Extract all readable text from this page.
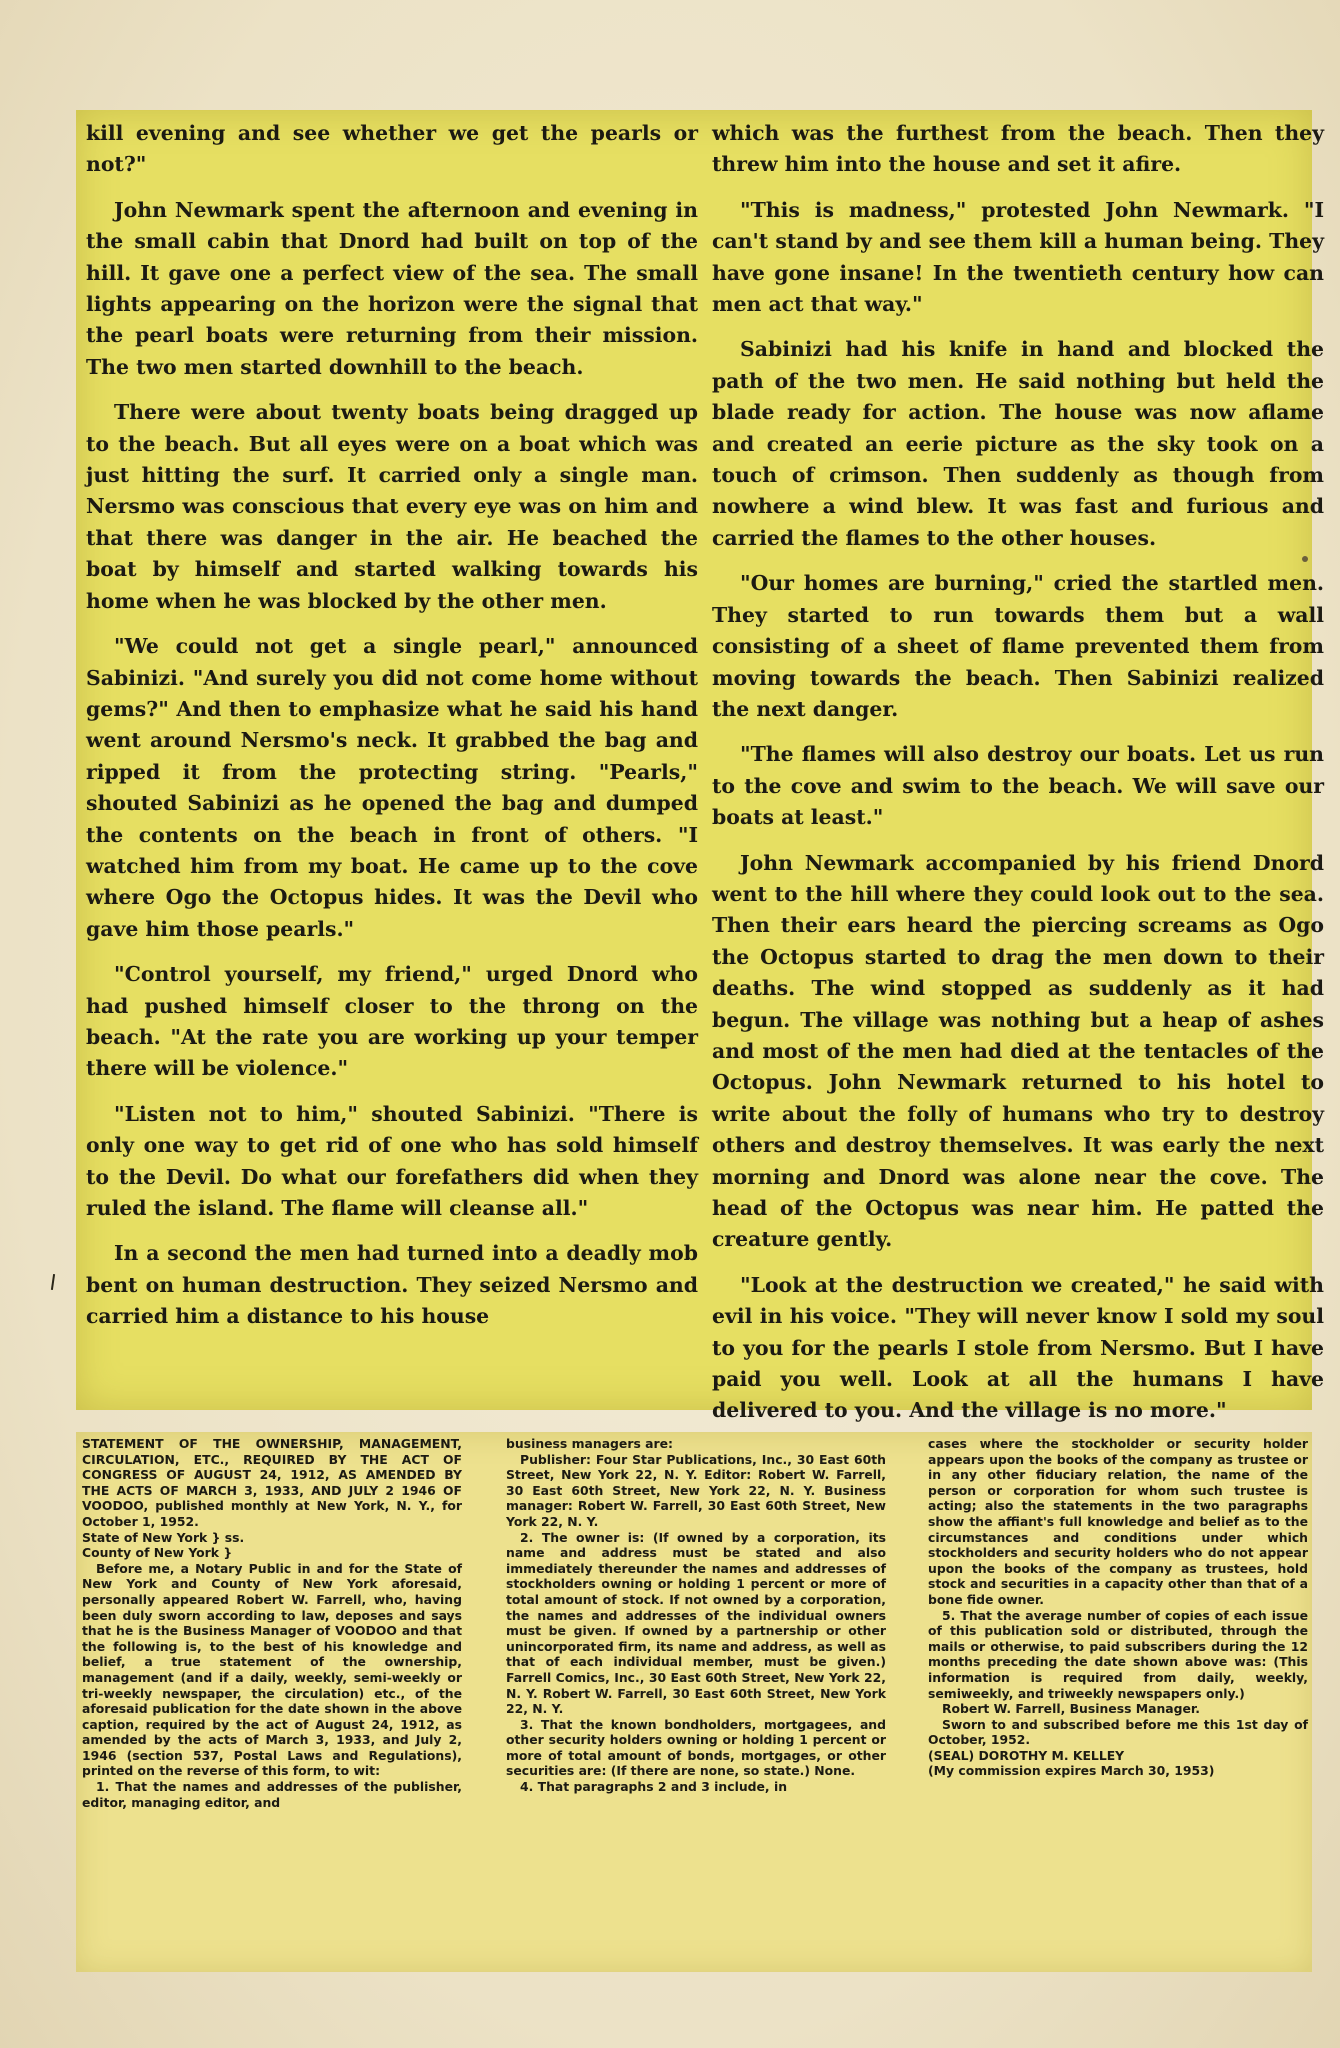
kill evening and see whether we get the pearls or not?"

John Newmark spent the afternoon and evening in the small cabin that Dnord had built on top of the hill. It gave one a perfect view of the sea. The small lights appearing on the horizon were the signal that the pearl boats were returning from their mission. The two men started downhill to the beach.

There were about twenty boats being dragged up to the beach. But all eyes were on a boat which was just hitting the surf. It carried only a single man. Nersmo was conscious that every eye was on him and that there was danger in the air. He beached the boat by himself and started walking towards his home when he was blocked by the other men.

"We could not get a single pearl," announced Sabinizi. "And surely you did not come home without gems?" And then to emphasize what he said his hand went around Nersmo's neck. It grabbed the bag and ripped it from the protecting string. "Pearls," shouted Sabinizi as he opened the bag and dumped the contents on the beach in front of others. "I watched him from my boat. He came up to the cove where Ogo the Octopus hides. It was the Devil who gave him those pearls."

"Control yourself, my friend," urged Dnord who had pushed himself closer to the throng on the beach. "At the rate you are working up your temper there will be violence."

"Listen not to him," shouted Sabinizi. "There is only one way to get rid of one who has sold himself to the Devil. Do what our forefathers did when they ruled the island. The flame will cleanse all."

In a second the men had turned into a deadly mob bent on human destruction. They seized Nersmo and carried him a distance to his house

which was the furthest from the beach. Then they threw him into the house and set it afire.

"This is madness," protested John Newmark. "I can't stand by and see them kill a human being. They have gone insane! In the twentieth century how can men act that way."

Sabinizi had his knife in hand and blocked the path of the two men. He said nothing but held the blade ready for action. The house was now aflame and created an eerie picture as the sky took on a touch of crimson. Then suddenly as though from nowhere a wind blew. It was fast and furious and carried the flames to the other houses.

"Our homes are burning," cried the startled men. They started to run towards them but a wall consisting of a sheet of flame prevented them from moving towards the beach. Then Sabinizi realized the next danger.

"The flames will also destroy our boats. Let us run to the cove and swim to the beach. We will save our boats at least."

John Newmark accompanied by his friend Dnord went to the hill where they could look out to the sea. Then their ears heard the piercing screams as Ogo the Octopus started to drag the men down to their deaths. The wind stopped as suddenly as it had begun. The village was nothing but a heap of ashes and most of the men had died at the tentacles of the Octopus. John Newmark returned to his hotel to write about the folly of humans who try to destroy others and destroy themselves. It was early the next morning and Dnord was alone near the cove. The head of the Octopus was near him. He patted the creature gently.

"Look at the destruction we created," he said with evil in his voice. "They will never know I sold my soul to you for the pearls I stole from Nersmo. But I have paid you well. Look at all the humans I have delivered to you. And the village is no more."

STATEMENT OF THE OWNERSHIP, MANAGEMENT, CIRCULATION, ETC., REQUIRED BY THE ACT OF CONGRESS OF AUGUST 24, 1912, AS AMENDED BY THE ACTS OF MARCH 3, 1933, AND JULY 2 1946 OF VOODOO, published monthly at New York, N. Y., for October 1, 1952.

State of New York } ss.

County of New York }

Before me, a Notary Public in and for the State of New York and County of New York aforesaid, personally appeared Robert W. Farrell, who, having been duly sworn according to law, deposes and says that he is the Business Manager of VOODOO and that the following is, to the best of his knowledge and belief, a true statement of the ownership, management (and if a daily, weekly, semi-weekly or tri-weekly newspaper, the circulation) etc., of the aforesaid publication for the date shown in the above caption, required by the act of August 24, 1912, as amended by the acts of March 3, 1933, and July 2, 1946 (section 537, Postal Laws and Regulations), printed on the reverse of this form, to wit:

1. That the names and addresses of the publisher, editor, managing editor, and

business managers are:

Publisher: Four Star Publications, Inc., 30 East 60th Street, New York 22, N. Y. Editor: Robert W. Farrell, 30 East 60th Street, New York 22, N. Y. Business manager: Robert W. Farrell, 30 East 60th Street, New York 22, N. Y.

2. The owner is: (If owned by a corporation, its name and address must be stated and also immediately thereunder the names and addresses of stockholders owning or holding 1 percent or more of total amount of stock. If not owned by a corporation, the names and addresses of the individual owners must be given. If owned by a partnership or other unincorporated firm, its name and address, as well as that of each individual member, must be given.) Farrell Comics, Inc., 30 East 60th Street, New York 22, N. Y. Robert W. Farrell, 30 East 60th Street, New York 22, N. Y.

3. That the known bondholders, mortgagees, and other security holders owning or holding 1 percent or more of total amount of bonds, mortgages, or other securities are: (If there are none, so state.) None.

4. That paragraphs 2 and 3 include, in

cases where the stockholder or security holder appears upon the books of the company as trustee or in any other fiduciary relation, the name of the person or corporation for whom such trustee is acting; also the statements in the two paragraphs show the affiant's full knowledge and belief as to the circumstances and conditions under which stockholders and security holders who do not appear upon the books of the company as trustees, hold stock and securities in a capacity other than that of a bone fide owner.

5. That the average number of copies of each issue of this publication sold or distributed, through the mails or otherwise, to paid subscribers during the 12 months preceding the date shown above was: (This information is required from daily, weekly, semiweekly, and triweekly newspapers only.)

Robert W. Farrell, Business Manager.

Sworn to and subscribed before me this 1st day of October, 1952.

(SEAL) DOROTHY M. KELLEY

(My commission expires March 30, 1953)
